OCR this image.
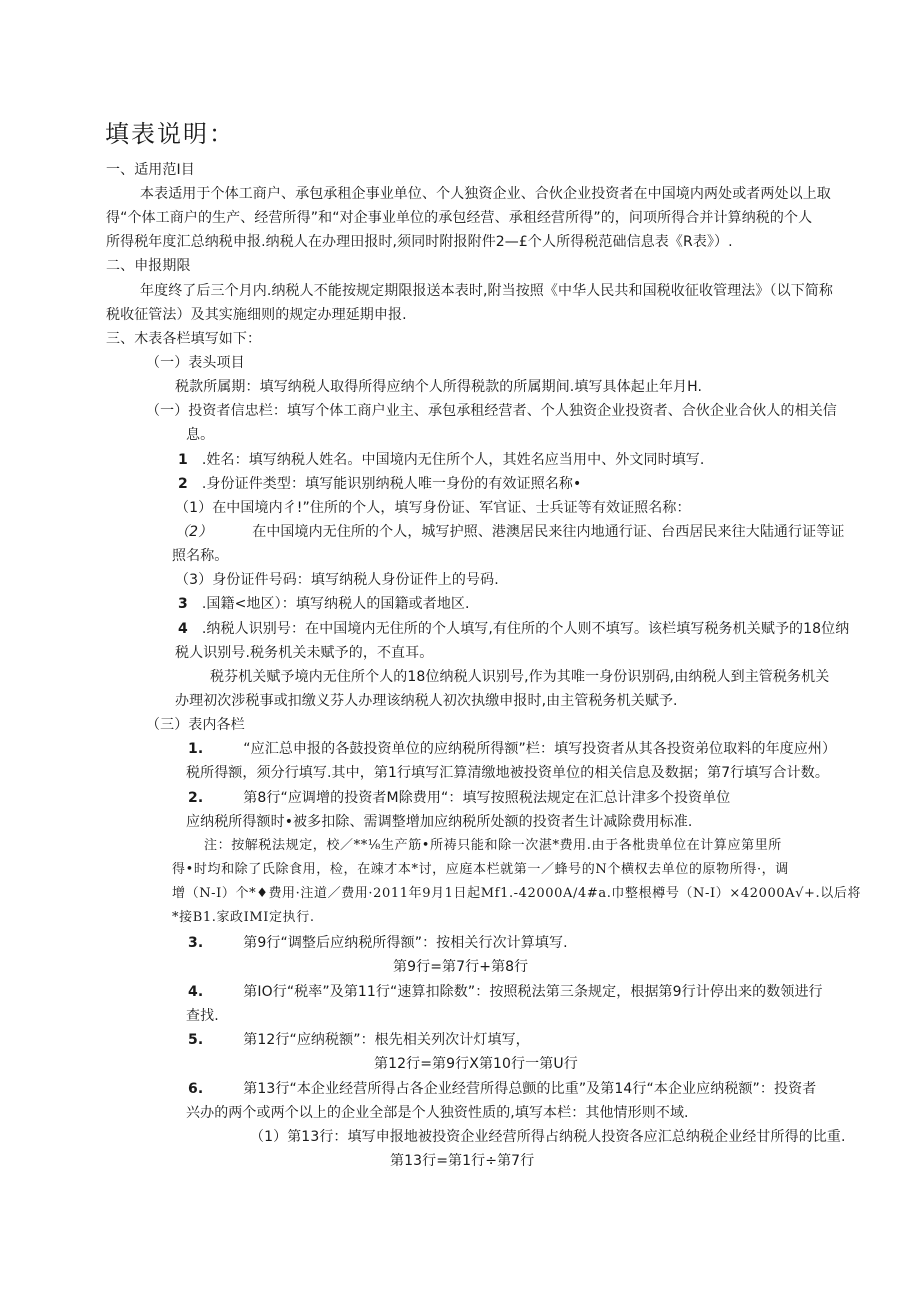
填表说明：
一、适用范I目
本表适用于个体工商户、承包承租企事业单位、个人独资企业、合伙企业投资者在中国境内两处或者两处以上取
得“个体工商户的生产、经营所得”和“对企事业单位的承包经营、承租经营所得”的，问项所得合并计算纳税的个人
所得税年度汇总纳税申报.纳税人在办理田报时,须同时附报附件2—£个人所得税范础信息表《R表》）.
二、申报期限
年度终了后三个月内.纳税人不能按规定期限报送本表时,附当按照《中华人民共和国税收征收管理法》（以下简称
税收征管法）及其实施细则的规定办理延期申报.
三、木表各栏填写如下：
（一）表头项目
税款所属期：填写纳税人取得所得应纳个人所得税款的所属期间.填写具体起止年月H.
（一）投资者信忠栏：填写个体工商户业主、承包承租经营者、个人独资企业投资者、合伙企业合伙人的相关信
息。
1 .姓名：填写纳税人姓名。中国境内无住所个人，其姓名应当用中、外文同时填写.
2 .身份证件类型：填写能识别纳税人唯一身份的有效证照名称•
（1）在中国境内彳!”住所的个人，填写身份证、军官证、士兵证等有效证照名称：
（2）	在中国境内无住所的个人，城写护照、港澳居民来往内地通行证、台西居民来往大陆通行证等证
照名称。
（3）身份证件号码：填写纳税人身份证件上的号码.
3 .国籍<地区）：填写纳税人的国籍或者地区.
4 .纳税人识别号：在中国境内无住所的个人填写,有住所的个人则不填写。该栏填写税务机关赋予的18位纳
税人识别号.税务机关未赋予的，不直耳。
税芬机关赋予境内无住所个人的18位纳税人识别号,作为其唯一身份识别码,由纳税人到主管税务机关
办理初次涉税事或扣缴义芬人办理该纳税人初次执缴申报时,由主管税务机关赋予.
（三）表内各栏
1.	“应汇总申报的各鼓投资单位的应纳税所得额”栏：填写投资者从其各投资弟位取料的年度应州）
税所得额，须分行填写.其中，第1行填写汇算清缴地被投资单位的相关信息及数据；第7行填写合计数。
2.	第8行“应调增的投资者M除费用“：填写按照税法规定在汇总计津多个投资单位
应纳税所得额时•被多扣除、需调整增加应纳税所处额的投资者生计减除费用标准.
注：按解税法规定，校／**⅛生产筋•所祷只能和除一次湛*费用.由于各枇贵单位在计算应第里所
得•时均和除了氏除食用，检，在竦才本*讨，应庭本栏就第一／蜂号的N个横权去单位的原物所得·，调
增（N-I）个*♦费用·注道／费用·2011年9月1日起Mf1.-42000A∕4#a.巾整根樽号（N-I）×42000A√+.以后将
*接B1.家政IMI定执行.
3.	第9行“调整后应纳税所得额”：按相关行次计算填写.
第9行=第7行+第8行
4.	第IO行“税率”及第11行“速算扣除数”：按照税法第三条规定，根据第9行计停出来的数领进行
查找.
5.	第12行“应纳税额”：根先相关列次计灯填写，
第12行=第9行X第10行一第U行
6.	第13行“本企业经营所得占各企业经营所得总颤的比重”及第14行“本企业应纳税额”：投资者
兴办的两个或两个以上的企业全部是个人独资性质的,填写本栏：其他情形则不域.
（1）第13行：填写申报地被投资企业经营所得占纳税人投资各应汇总纳税企业经甘所得的比重.
第13行=第1行÷第7行
